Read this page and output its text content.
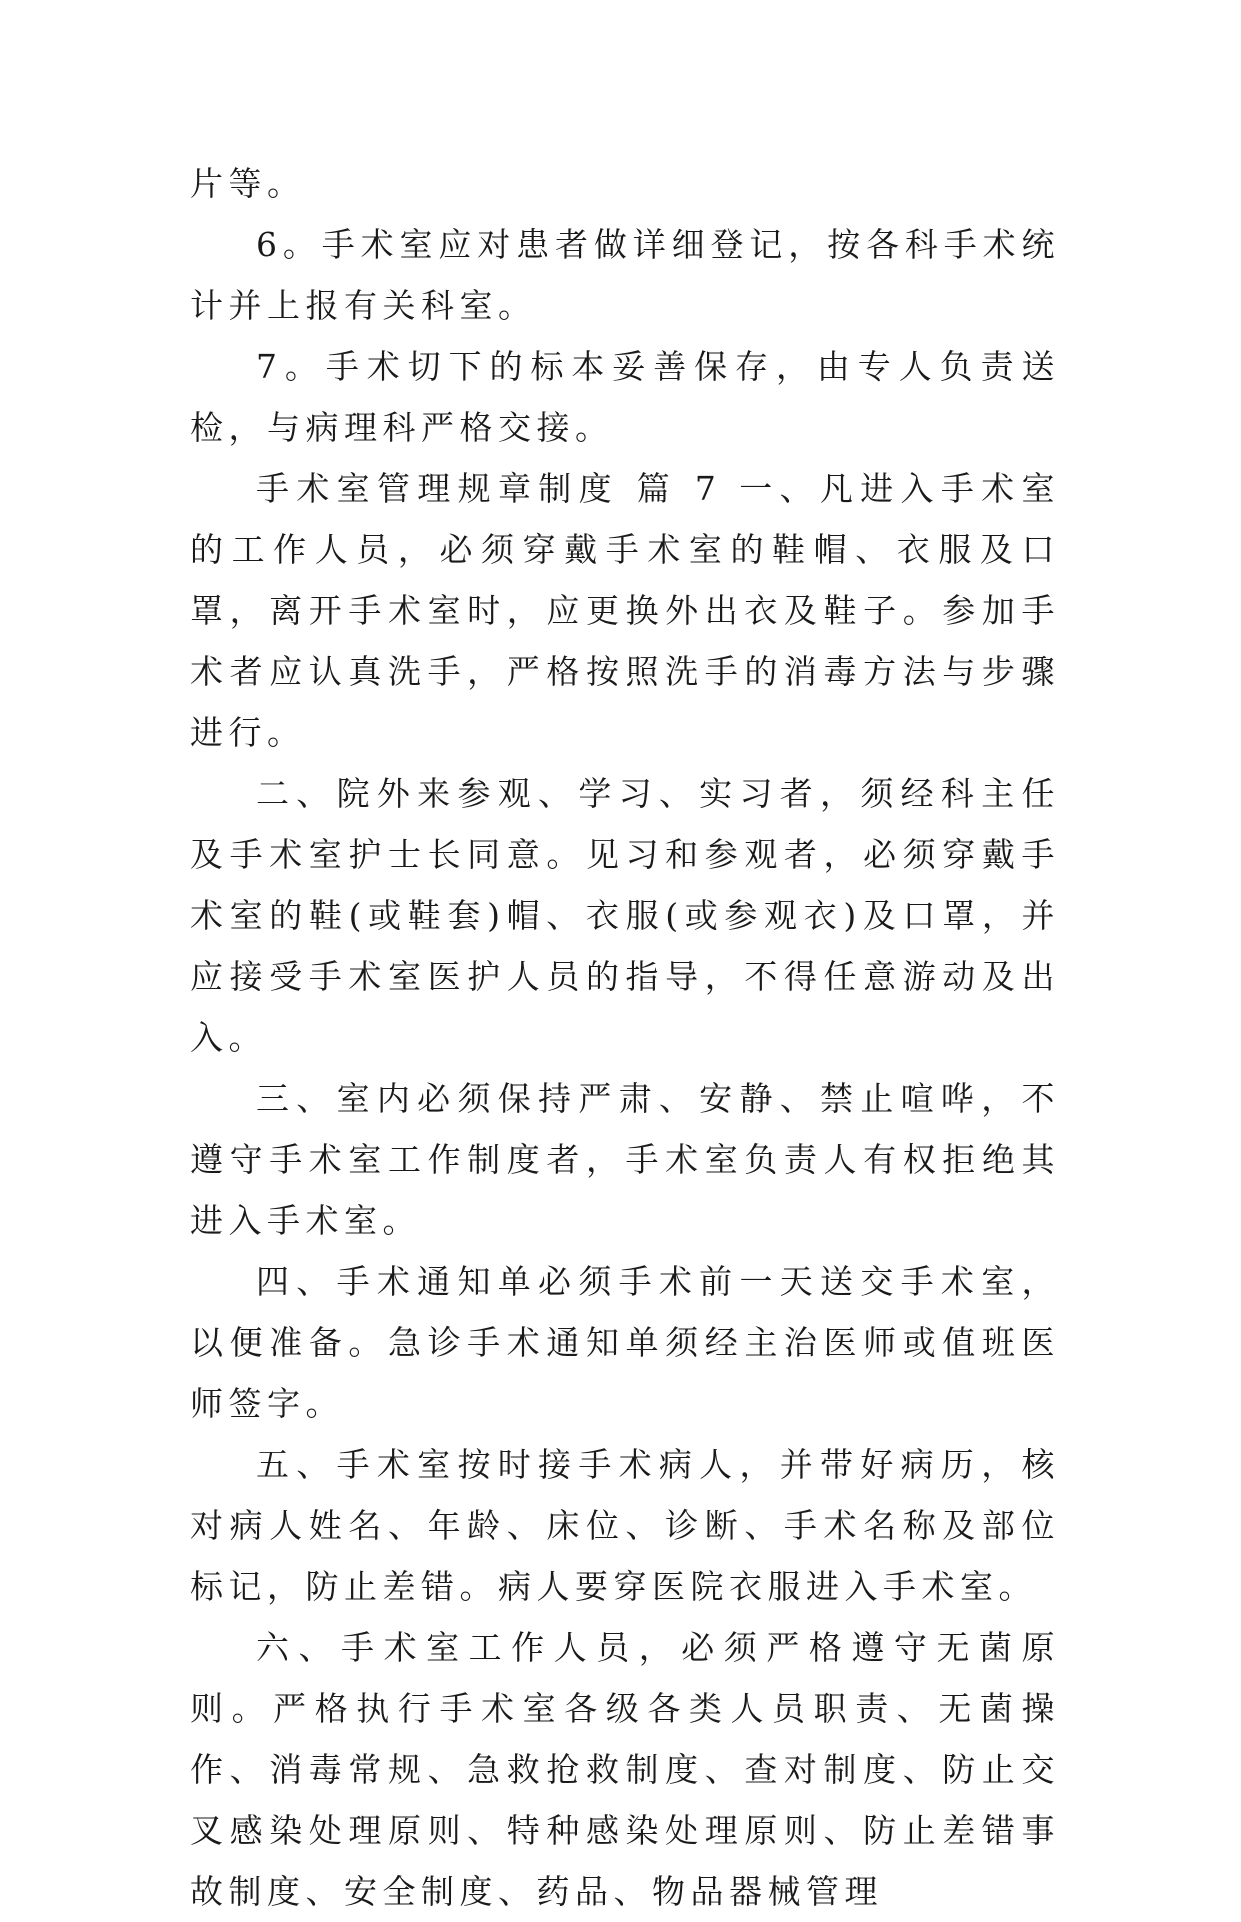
片等。

6。手术室应对患者做详细登记，按各科手术统计并上报有关科室。

7。手术切下的标本妥善保存，由专人负责送检，与病理科严格交接。

手术室管理规章制度 篇 7 一、凡进入手术室的工作人员，必须穿戴手术室的鞋帽、衣服及口罩，离开手术室时，应更换外出衣及鞋子。参加手术者应认真洗手，严格按照洗手的消毒方法与步骤进行。

二、院外来参观、学习、实习者，须经科主任及手术室护士长同意。见习和参观者，必须穿戴手术室的鞋(或鞋套)帽、衣服(或参观衣)及口罩，并应接受手术室医护人员的指导，不得任意游动及出入。

三、室内必须保持严肃、安静、禁止喧哗，不遵守手术室工作制度者，手术室负责人有权拒绝其进入手术室。

四、手术通知单必须手术前一天送交手术室，以便准备。急诊手术通知单须经主治医师或值班医师签字。

五、手术室按时接手术病人，并带好病历，核对病人姓名、年龄、床位、诊断、手术名称及部位标记，防止差错。病人要穿医院衣服进入手术室。

六、手术室工作人员，必须严格遵守无菌原则。严格执行手术室各级各类人员职责、无菌操作、消毒常规、急救抢救制度、查对制度、防止交叉感染处理原则、特种感染处理原则、防止差错事故制度、安全制度、药品、物品器械管理
